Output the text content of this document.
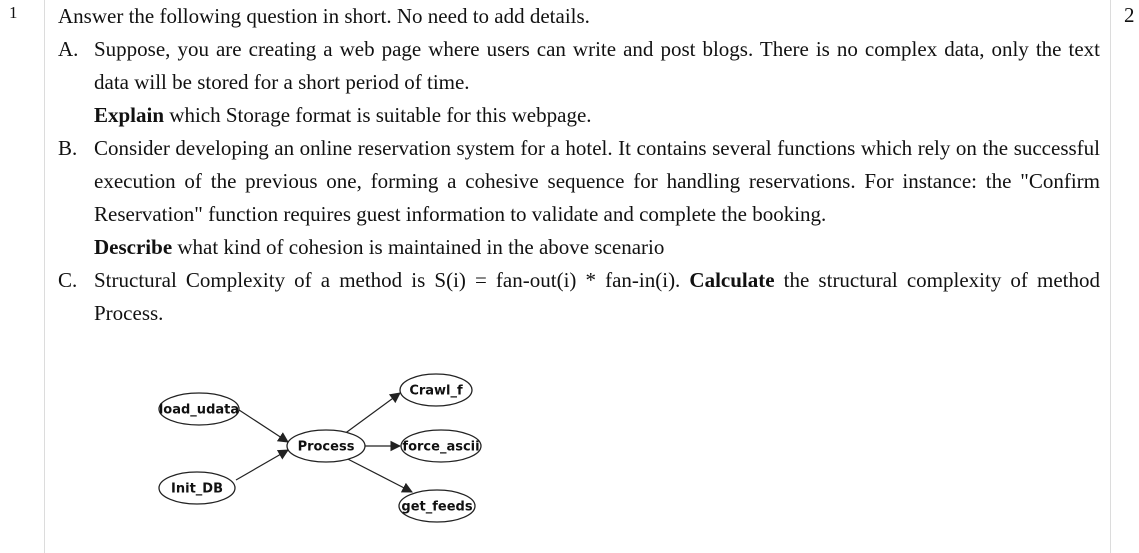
1	2

Answer the following question in short. No need to add details.

A. Suppose, you are creating a web page where users can write and post blogs. There is no complex data, only the text data will be stored for a short period of time.

Explain which Storage format is suitable for this webpage.

B. Consider developing an online reservation system for a hotel. It contains several functions which rely on the successful execution of the previous one, forming a cohesive sequence for handling reservations. For instance: the "Confirm Reservation" function requires guest information to validate and complete the booking.

Describe what kind of cohesion is maintained in the above scenario

C. Structural Complexity of a method is S(i) = fan-out(i) * fan-in(i). Calculate the structural complexity of method Process.

load_udata
Init_DB
Process
Crawl_f
force_ascii
get_feeds
